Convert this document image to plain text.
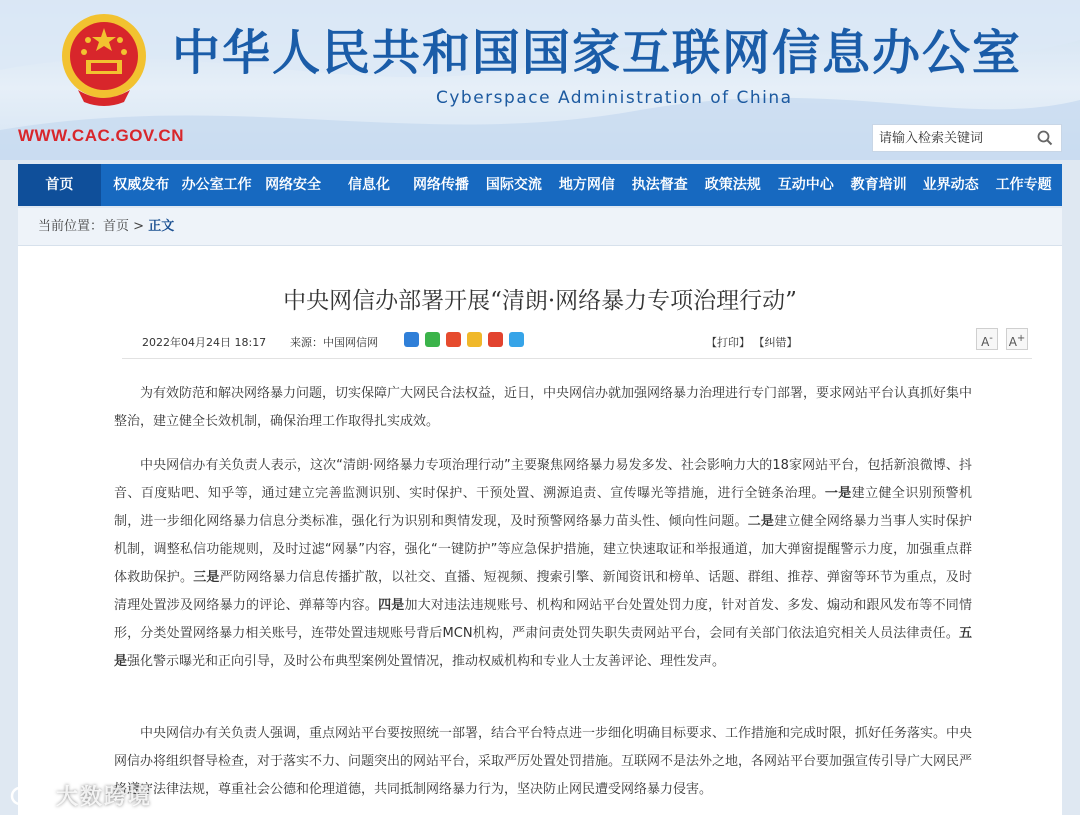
中华人民共和国国家互联网信息办公室
Cyberspace Administration of China
WWW.CAC.GOV.CN
请输入检索关键词
首页	权威发布 办公室工作 网络安全	信息化	网络传播	国际交流	地方网信	执法督查	政策法规	互动中心	教育培训	业界动态	工作专题
当前位置：首页 > 正文
中央网信办部署开展“清朗·网络暴力专项治理行动”
2022年04月24日 18:17 来源：中国网信网	【打印】 【纠错】	A-	A+
为有效防范和解决网络暴力问题，切实保障广大网民合法权益，近日，中央网信办就加强网络暴力治理进行专门部署，要求网站平台认真抓好集中整治，建立健全长效机制，确保治理工作取得扎实成效。
中央网信办有关负责人表示，这次“清朗·网络暴力专项治理行动”主要聚焦网络暴力易发多发、社会影响力大的18家网站平台，包括新浪微博、抖音、百度贴吧、知乎等，通过建立完善监测识别、实时保护、干预处置、溯源追责、宣传曝光等措施，进行全链条治理。一是建立健全识别预警机制，进一步细化网络暴力信息分类标准，强化行为识别和舆情发现，及时预警网络暴力苗头性、倾向性问题。二是建立健全网络暴力当事人实时保护机制，调整私信功能规则，及时过滤“网暴”内容，强化“一键防护”等应急保护措施，建立快速取证和举报通道，加大弹窗提醒警示力度，加强重点群体救助保护。三是严防网络暴力信息传播扩散，以社交、直播、短视频、搜索引擎、新闻资讯和榜单、话题、群组、推荐、弹窗等环节为重点，及时清理处置涉及网络暴力的评论、弹幕等内容。四是加大对违法违规账号、机构和网站平台处置处罚力度，针对首发、多发、煽动和跟风发布等不同情形，分类处置网络暴力相关账号，连带处置违规账号背后MCN机构，严肃问责处罚失职失责网站平台，会同有关部门依法追究相关人员法律责任。五是强化警示曝光和正向引导，及时公布典型案例处置情况，推动权威机构和专业人士友善评论、理性发声。
中央网信办有关负责人强调，重点网站平台要按照统一部署，结合平台特点进一步细化明确目标要求、工作措施和完成时限，抓好任务落实。中央网信办将组织督导检查，对于落实不力、问题突出的网站平台，采取严厉处置处罚措施。互联网不是法外之地，各网站平台要加强宣传引导广大网民严格遵守法律法规，尊重社会公德和伦理道德，共同抵制网络暴力行为，坚决防止网民遭受网络暴力侵害。
大数跨境
